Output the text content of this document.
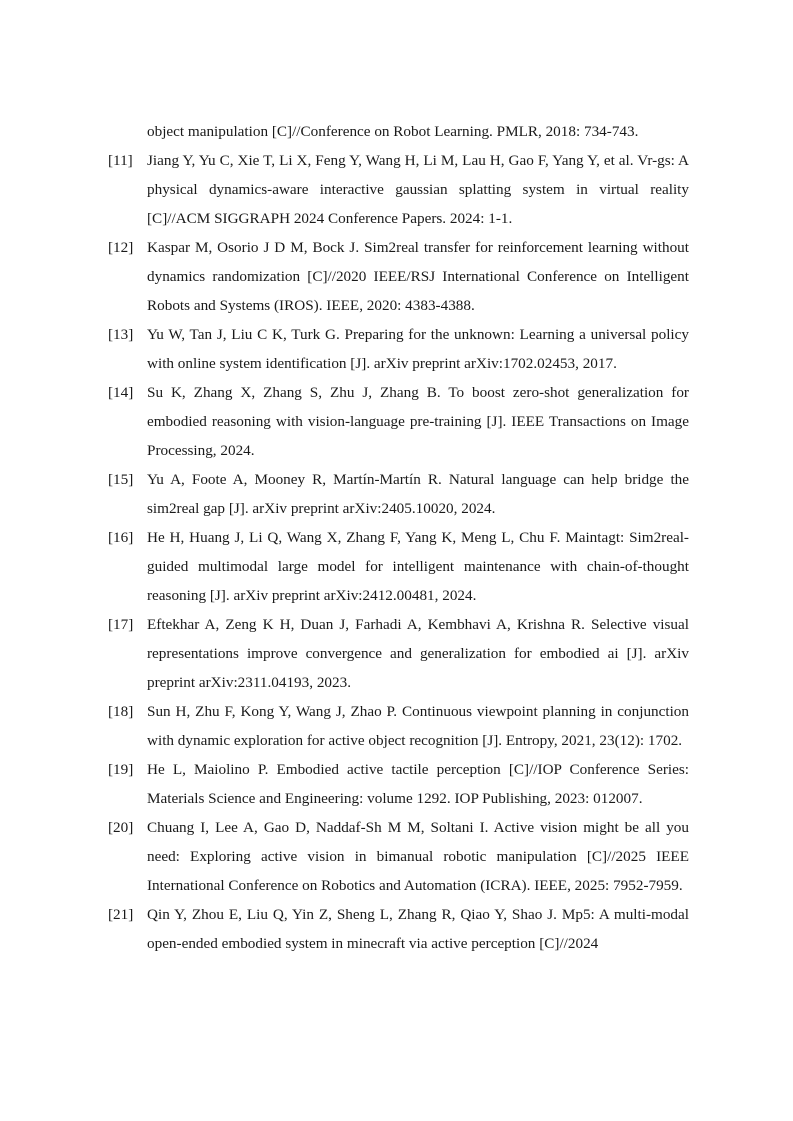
object manipulation [C]//Conference on Robot Learning. PMLR, 2018: 734-743.

[11] Jiang Y, Yu C, Xie T, Li X, Feng Y, Wang H, Li M, Lau H, Gao F, Yang Y, et al. Vr-gs: A physical dynamics-aware interactive gaussian splatting system in virtual reality [C]//ACM SIGGRAPH 2024 Conference Papers. 2024: 1-1.

[12] Kaspar M, Osorio J D M, Bock J. Sim2real transfer for reinforcement learning without dynamics randomization [C]//2020 IEEE/RSJ International Conference on Intelligent Robots and Systems (IROS). IEEE, 2020: 4383-4388.

[13] Yu W, Tan J, Liu C K, Turk G. Preparing for the unknown: Learning a universal policy with online system identification [J]. arXiv preprint arXiv:1702.02453, 2017.

[14] Su K, Zhang X, Zhang S, Zhu J, Zhang B. To boost zero-shot generalization for embodied reasoning with vision-language pre-training [J]. IEEE Transactions on Image Processing, 2024.

[15] Yu A, Foote A, Mooney R, Martín-Martín R. Natural language can help bridge the sim2real gap [J]. arXiv preprint arXiv:2405.10020, 2024.

[16] He H, Huang J, Li Q, Wang X, Zhang F, Yang K, Meng L, Chu F. Maintagt: Sim2real-guided multimodal large model for intelligent maintenance with chain-of-thought reasoning [J]. arXiv preprint arXiv:2412.00481, 2024.

[17] Eftekhar A, Zeng K H, Duan J, Farhadi A, Kembhavi A, Krishna R. Selective visual representations improve convergence and generalization for embodied ai [J]. arXiv preprint arXiv:2311.04193, 2023.

[18] Sun H, Zhu F, Kong Y, Wang J, Zhao P. Continuous viewpoint planning in conjunction with dynamic exploration for active object recognition [J]. Entropy, 2021, 23(12): 1702.

[19] He L, Maiolino P. Embodied active tactile perception [C]//IOP Conference Series: Materials Science and Engineering: volume 1292. IOP Publishing, 2023: 012007.

[20] Chuang I, Lee A, Gao D, Naddaf-Sh M M, Soltani I. Active vision might be all you need: Exploring active vision in bimanual robotic manipulation [C]//2025 IEEE International Conference on Robotics and Automation (ICRA). IEEE, 2025: 7952-7959.

[21] Qin Y, Zhou E, Liu Q, Yin Z, Sheng L, Zhang R, Qiao Y, Shao J. Mp5: A multi-modal open-ended embodied system in minecraft via active perception [C]//2024
